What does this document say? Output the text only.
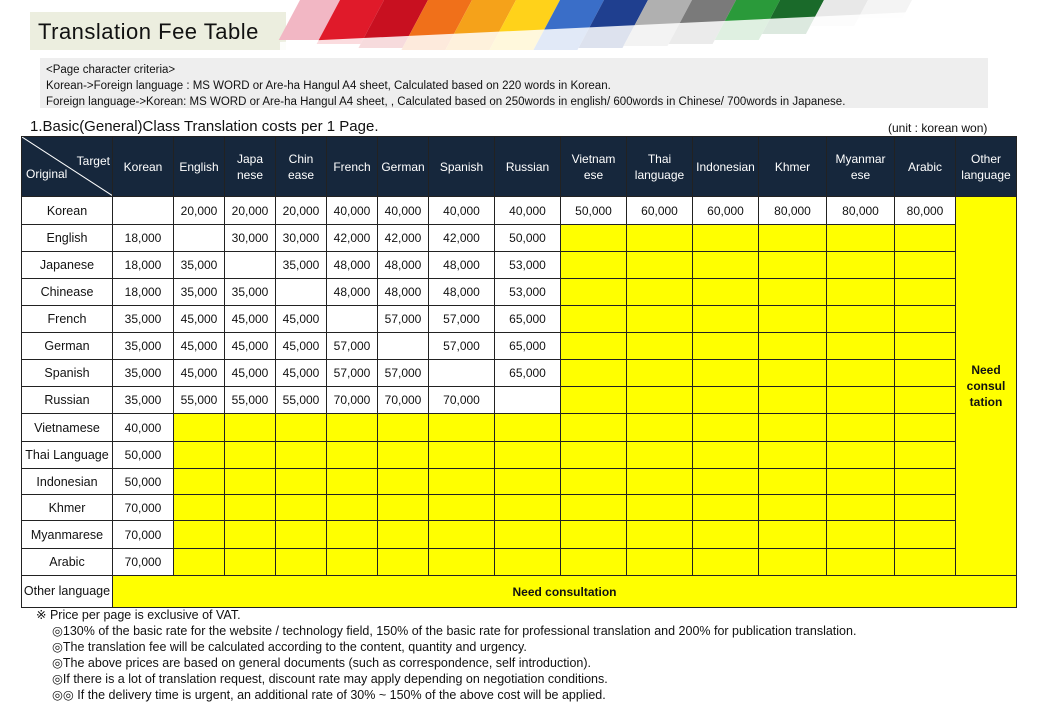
Translation Fee Table
<Page character criteria>
Korean->Foreign language : MS WORD or Are-ha Hangul A4 sheet, Calculated based on 220 words in Korean.
Foreign language->Korean: MS WORD or Are-ha Hangul A4 sheet, , Calculated based on 250words in english/ 600words in Chinese/ 700words in Japanese.
1.Basic(General)Class Translation costs per 1 Page.	(unit : korean won)
Target
Original	Korean	English	Japa nese	Chin ease	French	German	Spanish	Russian	Vietnam ese	Thai language	Indonesian	Khmer	Myanmar ese	Arabic	Other language
Korean		20,000	20,000	20,000	40,000	40,000	40,000	40,000	50,000	60,000	60,000	80,000	80,000	80,000	Need consul tation
English	18,000		30,000	30,000	42,000	42,000	42,000	50,000							
Japanese	18,000	35,000		35,000	48,000	48,000	48,000	53,000							
Chinease	18,000	35,000	35,000		48,000	48,000	48,000	53,000							
French	35,000	45,000	45,000	45,000		57,000	57,000	65,000							
German	35,000	45,000	45,000	45,000	57,000		57,000	65,000							
Spanish	35,000	45,000	45,000	45,000	57,000	57,000		65,000							
Russian	35,000	55,000	55,000	55,000	70,000	70,000	70,000								
Vietnamese	40,000														
Thai Language	50,000														
Indonesian	50,000														
Khmer	70,000														
Myanmarese	70,000														
Arabic	70,000														
Other language	Need consultation														
※ Price per page is exclusive of VAT.
◎130% of the basic rate for the website / technology field, 150% of the basic rate for professional translation and 200% for publication translation.
◎The translation fee will be calculated according to the content, quantity and urgency.
◎The above prices are based on general documents (such as correspondence, self introduction).
◎If there is a lot of translation request, discount rate may apply depending on negotiation conditions.
◎◎ If the delivery time is urgent, an additional rate of 30% ~ 150% of the above cost will be applied.
